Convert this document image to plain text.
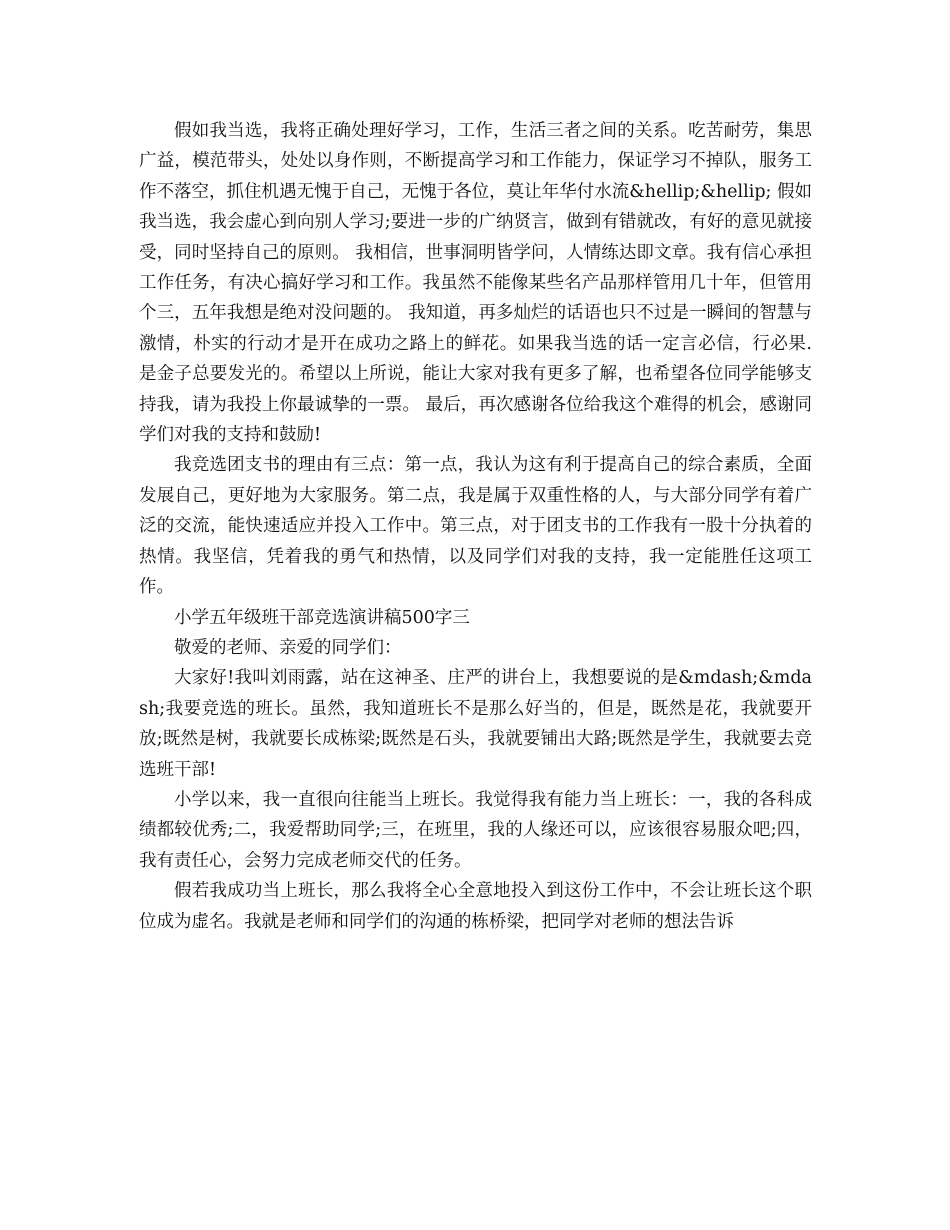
假如我当选，我将正确处理好学习，工作，生活三者之间的关系。吃苦耐劳，集思广益，模范带头，处处以身作则，不断提高学习和工作能力，保证学习不掉队，服务工作不落空，抓住机遇无愧于自己，无愧于各位，莫让年华付水流&hellip;&hellip; 假如我当选，我会虚心到向别人学习;要进一步的广纳贤言，做到有错就改，有好的意见就接受，同时坚持自己的原则。 我相信，世事洞明皆学问，人情练达即文章。我有信心承担工作任务，有决心搞好学习和工作。我虽然不能像某些名产品那样管用几十年，但管用个三，五年我想是绝对没问题的。 我知道，再多灿烂的话语也只不过是一瞬间的智慧与激情，朴实的行动才是开在成功之路上的鲜花。如果我当选的话一定言必信，行必果. 是金子总要发光的。希望以上所说，能让大家对我有更多了解，也希望各位同学能够支持我，请为我投上你最诚挚的一票。 最后，再次感谢各位给我这个难得的机会，感谢同学们对我的支持和鼓励!

我竞选团支书的理由有三点：第一点，我认为这有利于提高自己的综合素质，全面发展自己，更好地为大家服务。第二点，我是属于双重性格的人，与大部分同学有着广泛的交流，能快速适应并投入工作中。第三点，对于团支书的工作我有一股十分执着的热情。我坚信，凭着我的勇气和热情，以及同学们对我的支持，我一定能胜任这项工作。

小学五年级班干部竞选演讲稿500字三

敬爱的老师、亲爱的同学们：

大家好!我叫刘雨露，站在这神圣、庄严的讲台上，我想要说的是&mdash;&mdash;我要竞选的班长。虽然，我知道班长不是那么好当的，但是，既然是花，我就要开放;既然是树，我就要长成栋梁;既然是石头，我就要铺出大路;既然是学生，我就要去竞选班干部!

小学以来，我一直很向往能当上班长。我觉得我有能力当上班长：一，我的各科成绩都较优秀;二，我爱帮助同学;三，在班里，我的人缘还可以，应该很容易服众吧;四，我有责任心，会努力完成老师交代的任务。

假若我成功当上班长，那么我将全心全意地投入到这份工作中，不会让班长这个职位成为虚名。我就是老师和同学们的沟通的栋桥梁，把同学对老师的想法告诉
